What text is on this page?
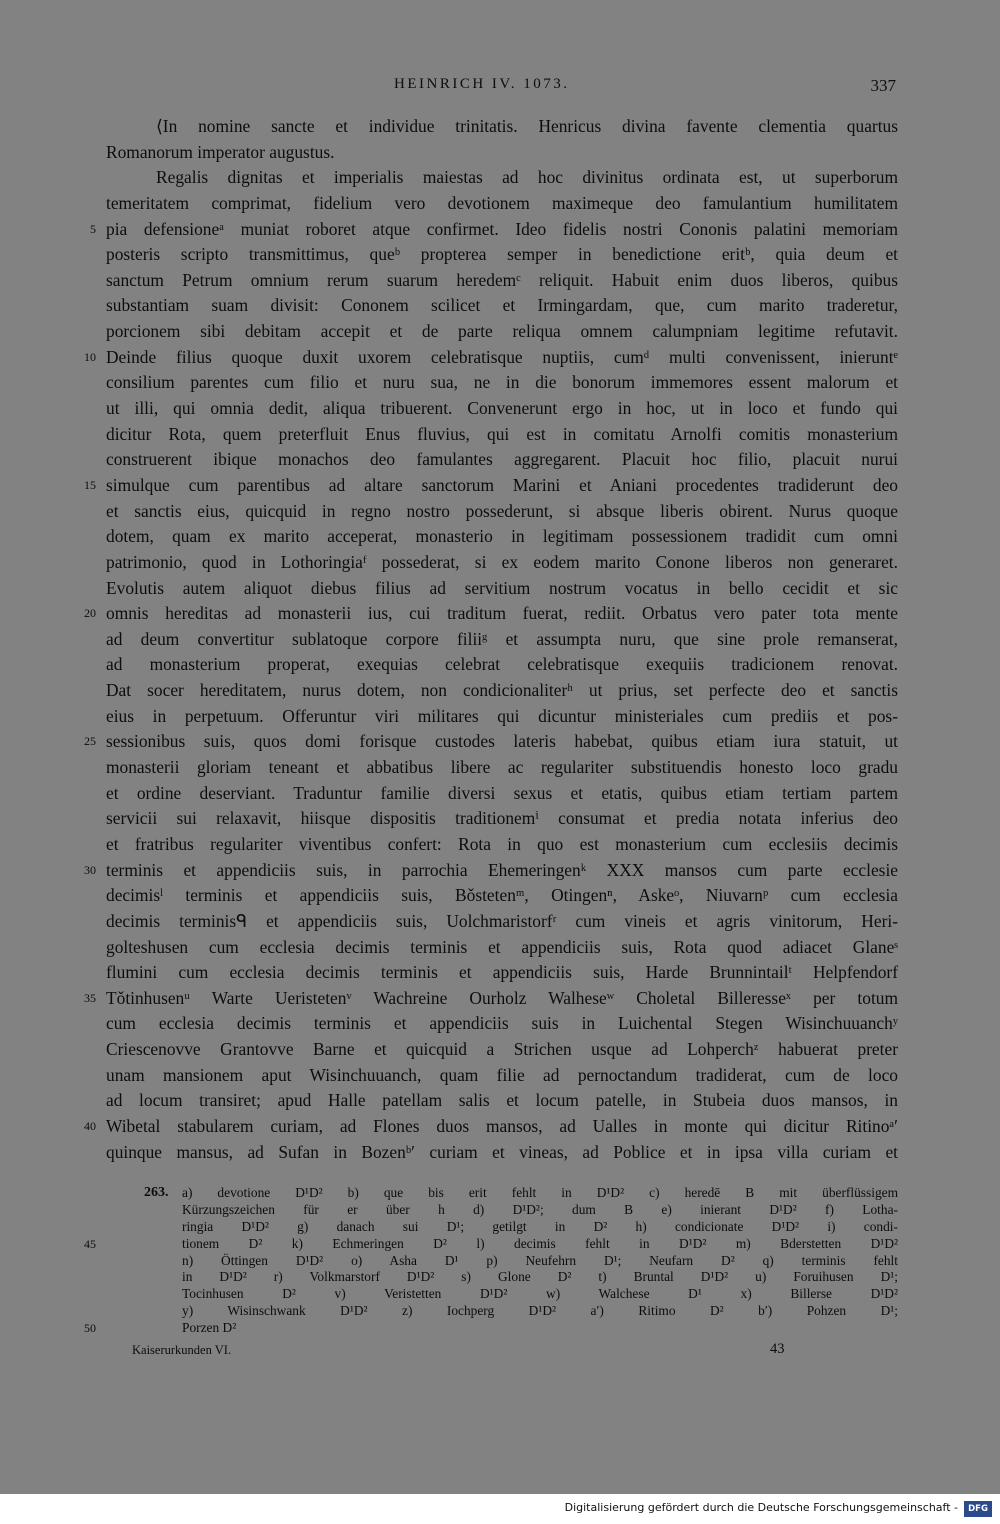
HEINRICH IV. 1073.	337
⟨In nomine sancte et individue trinitatis. Henricus divina favente clementia quartus
Romanorum imperator augustus.
Regalis dignitas et imperialis maiestas ad hoc divinitus ordinata est, ut superborum
temeritatem comprimat, fidelium vero devotionem maximeque deo famulantium humilitatem
5 pia defensioneᵃ muniat roboret atque confirmet. Ideo fidelis nostri Cononis palatini memoriam
posteris scripto transmittimus, queᵇ propterea semper in benedictione eritᵇ, quia deum et
sanctum Petrum omnium rerum suarum heredemᶜ reliquit. Habuit enim duos liberos, quibus
substantiam suam divisit: Cononem scilicet et Irmingardam, que, cum marito traderetur,
porcionem sibi debitam accepit et de parte reliqua omnem calumpniam legitime refutavit.
10 Deinde filius quoque duxit uxorem celebratisque nuptiis, cumᵈ multi convenissent, inieruntᵉ
consilium parentes cum filio et nuru sua, ne in die bonorum immemores essent malorum et
ut illi, qui omnia dedit, aliqua tribuerent. Convenerunt ergo in hoc, ut in loco et fundo qui
dicitur Rota, quem preterfluit Enus fluvius, qui est in comitatu Arnolfi comitis monasterium
construerent ibique monachos deo famulantes aggregarent. Placuit hoc filio, placuit nurui
15 simulque cum parentibus ad altare sanctorum Marini et Aniani procedentes tradiderunt deo
et sanctis eius, quicquid in regno nostro possederunt, si absque liberis obirent. Nurus quoque
dotem, quam ex marito acceperat, monasterio in legitimam possessionem tradidit cum omni
patrimonio, quod in Lothoringiaᶠ possederat, si ex eodem marito Conone liberos non generaret.
Evolutis autem aliquot diebus filius ad servitium nostrum vocatus in bello cecidit et sic
20 omnis hereditas ad monasterii ius, cui traditum fuerat, rediit. Orbatus vero pater tota mente
ad deum convertitur sublatoque corpore filiiᵍ et assumpta nuru, que sine prole remanserat,
ad monasterium properat, exequias celebrat celebratisque exequiis tradicionem renovat.
Dat socer hereditatem, nurus dotem, non condicionaliterʰ ut prius, set perfecte deo et sanctis
eius in perpetuum. Offeruntur viri militares qui dicuntur ministeriales cum prediis et pos-
25 sessionibus suis, quos domi forisque custodes lateris habebat, quibus etiam iura statuit, ut
monasterii gloriam teneant et abbatibus libere ac regulariter substituendis honesto loco gradu
et ordine deserviant. Traduntur familie diversi sexus et etatis, quibus etiam tertiam partem
servicii sui relaxavit, hiisque dispositis traditionemⁱ consumat et predia notata inferius deo
et fratribus regulariter viventibus confert: Rota in quo est monasterium cum ecclesiis decimis
30 terminis et appendiciis suis, in parrochia Ehemeringenᵏ XXX mansos cum parte ecclesie
decimisˡ terminis et appendiciis suis, Bǒstetenᵐ, Otingenⁿ, Askeᵒ, Niuvarnᵖ cum ecclesia
decimis terminisᑫ et appendiciis suis, Uolchmaristorfʳ cum vineis et agris vinitorum, Heri-
golteshusen cum ecclesia decimis terminis et appendiciis suis, Rota quod adiacet Glaneˢ
flumini cum ecclesia decimis terminis et appendiciis suis, Harde Brunnintailᵗ Helpfendorf
35 Tǒtinhusenᵘ Warte Ueristetenᵛ Wachreine Ourholz Walheseʷ Choletal Billeresseˣ per totum
cum ecclesia decimis terminis et appendiciis suis in Luichental Stegen Wisinchuuanchʸ
Criescenovve Grantovve Barne et quicquid a Strichen usque ad Lohperchᶻ habuerat preter
unam mansionem aput Wisinchuuanch, quam filie ad pernoctandum tradiderat, cum de loco
ad locum transiret; apud Halle patellam salis et locum patelle, in Stubeia duos mansos, in
40 Wibetal stabularem curiam, ad Flones duos mansos, ad Ualles in monte qui dicitur Ritinoᵃ′
quinque mansus, ad Sufan in Bozenᵇ′ curiam et vineas, ad Poblice et in ipsa villa curiam et
263. a) devotione D¹D² b) que bis erit fehlt in D¹D² c) heredē B mit überflüssigem
Kürzungszeichen für er über h d) D¹D²; dum B e) inierant D¹D² f) Lotha-
ringia D¹D² g) danach sui D¹; getilgt in D² h) condicionate D¹D² i) condi-
45	tionem D² k) Echmeringen D² l) decimis fehlt in D¹D² m) Bderstetten D¹D²
n) Öttingen D¹D² o) Asha D¹ p) Neufehrn D¹; Neufarn D² q) terminis fehlt
in D¹D² r) Volkmarstorf D¹D² s) Glone D² t) Bruntal D¹D² u) Foruihusen D¹;
Tocinhusen D² v) Veristetten D¹D² w) Walchese D¹ x) Billerse D¹D²
y) Wisinschwank D¹D² z) Iochperg D¹D² a′) Ritimo D² b′) Pohzen D¹;
50	Porzen D²
Kaiserurkunden VI.	43
Digitalisierung gefördert durch die Deutsche Forschungsgemeinschaft -	DFG
